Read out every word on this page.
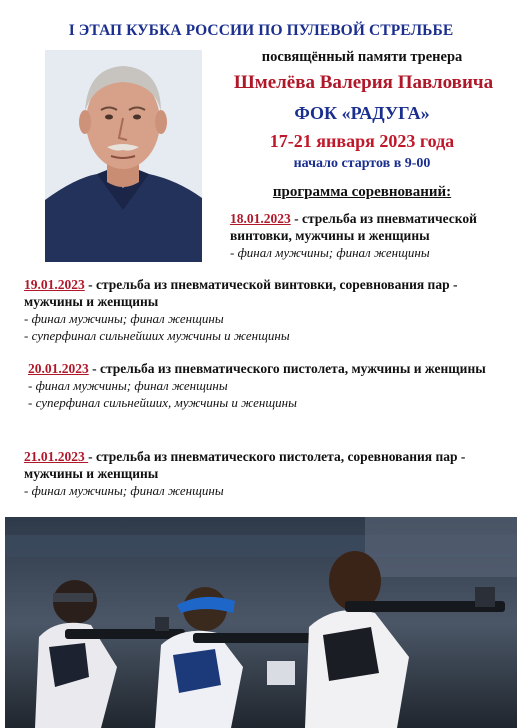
I ЭТАП КУБКА РОССИИ ПО ПУЛЕВОЙ СТРЕЛЬБЕ
посвящённый памяти тренера
Шмелёва Валерия Павловича
ФОК «РАДУГА»
17-21 января 2023 года
начало стартов в 9-00
программа соревнований:
18.01.2023 - стрельба из пневматической винтовки, мужчины и женщины
- финал мужчины; финал женщины
19.01.2023 - стрельба из пневматической винтовки, соревнования пар - мужчины и женщины
- финал мужчины; финал женщины
- суперфинал сильнейших мужчины и женщины
20.01.2023 - стрельба из пневматического пистолета, мужчины и женщины
- финал мужчины; финал женщины
- суперфинал сильнейших, мужчины и женщины
21.01.2023 - стрельба из пневматического пистолета, соревнования пар - мужчины и женщины
- финал мужчины; финал женщины
